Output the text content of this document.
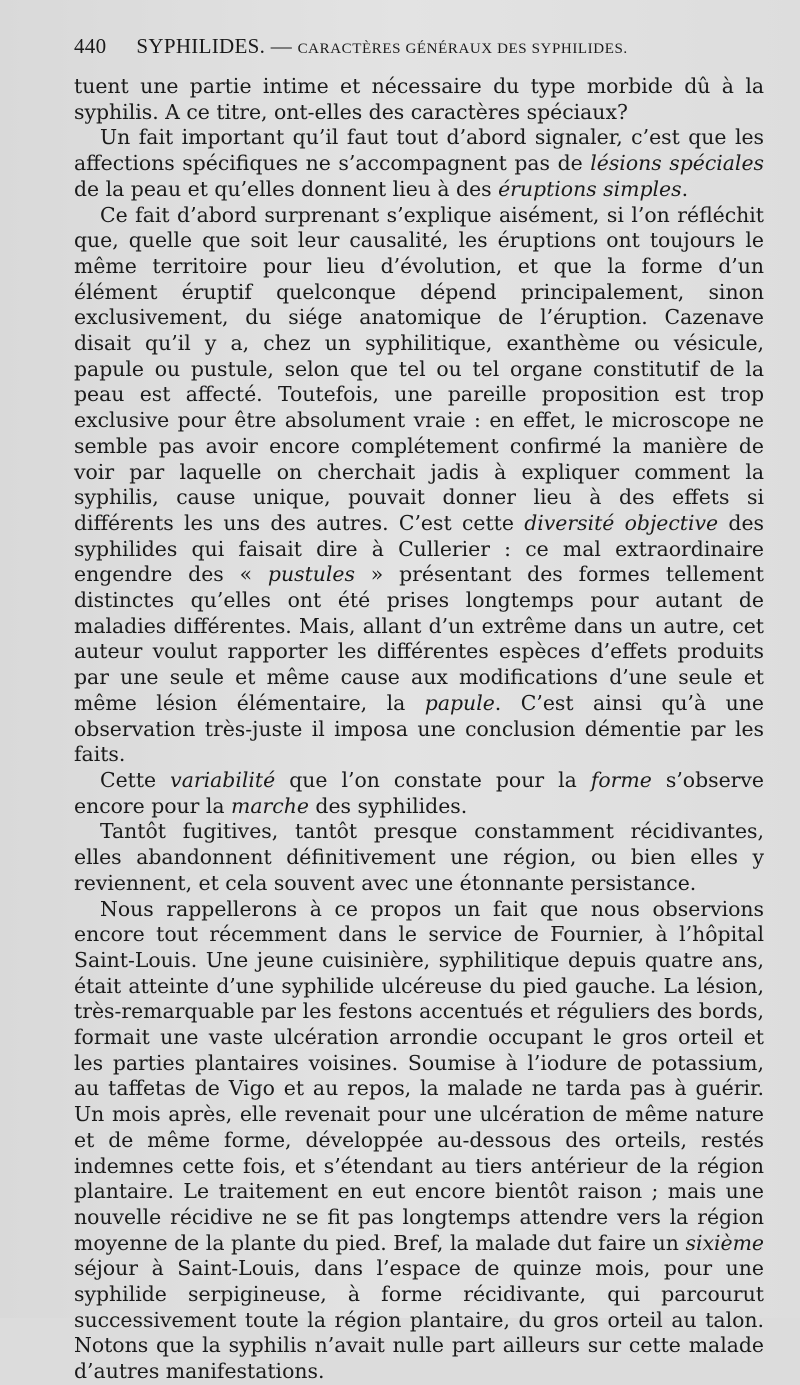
440 SYPHILIDES. — CARACTÈRES GÉNÉRAUX DES SYPHILIDES.

tuent une partie intime et nécessaire du type morbide dû à la syphilis. A ce titre, ont-elles des caractères spéciaux?

Un fait important qu’il faut tout d’abord signaler, c’est que les affections spécifiques ne s’accompagnent pas de lésions spéciales de la peau et qu’elles donnent lieu à des éruptions simples.

Ce fait d’abord surprenant s’explique aisément, si l’on réfléchit que, quelle que soit leur causalité, les éruptions ont toujours le même territoire pour lieu d’évolution, et que la forme d’un élément éruptif quelconque dépend principalement, sinon exclusivement, du siége anatomique de l’éruption. Cazenave disait qu’il y a, chez un syphilitique, exanthème ou vésicule, papule ou pustule, selon que tel ou tel organe constitutif de la peau est affecté. Toutefois, une pareille proposition est trop exclusive pour être absolument vraie : en effet, le microscope ne semble pas avoir encore complétement confirmé la manière de voir par laquelle on cherchait jadis à expliquer comment la syphilis, cause unique, pouvait donner lieu à des effets si différents les uns des autres. C’est cette diversité objective des syphilides qui faisait dire à Cullerier : ce mal extraordinaire engendre des « pustules » présentant des formes tellement distinctes qu’elles ont été prises longtemps pour autant de maladies différentes. Mais, allant d’un extrême dans un autre, cet auteur voulut rapporter les différentes espèces d’effets produits par une seule et même cause aux modifications d’une seule et même lésion élémentaire, la papule. C’est ainsi qu’à une observation très-juste il imposa une conclusion démentie par les faits.

Cette variabilité que l’on constate pour la forme s’observe encore pour la marche des syphilides.

Tantôt fugitives, tantôt presque constamment récidivantes, elles abandonnent définitivement une région, ou bien elles y reviennent, et cela souvent avec une étonnante persistance.

Nous rappellerons à ce propos un fait que nous observions encore tout récemment dans le service de Fournier, à l’hôpital Saint-Louis. Une jeune cuisinière, syphilitique depuis quatre ans, était atteinte d’une syphilide ulcéreuse du pied gauche. La lésion, très-remarquable par les festons accentués et réguliers des bords, formait une vaste ulcération arrondie occupant le gros orteil et les parties plantaires voisines. Soumise à l’iodure de potassium, au taffetas de Vigo et au repos, la malade ne tarda pas à guérir. Un mois après, elle revenait pour une ulcération de même nature et de même forme, développée au-dessous des orteils, restés indemnes cette fois, et s’étendant au tiers antérieur de la région plantaire. Le traitement en eut encore bientôt raison ; mais une nouvelle récidive ne se fit pas longtemps attendre vers la région moyenne de la plante du pied. Bref, la malade dut faire un sixième séjour à Saint-Louis, dans l’espace de quinze mois, pour une syphilide serpigineuse, à forme récidivante, qui parcourut successivement toute la région plantaire, du gros orteil au talon. Notons que la syphilis n’avait nulle part ailleurs sur cette malade d’autres manifestations.
